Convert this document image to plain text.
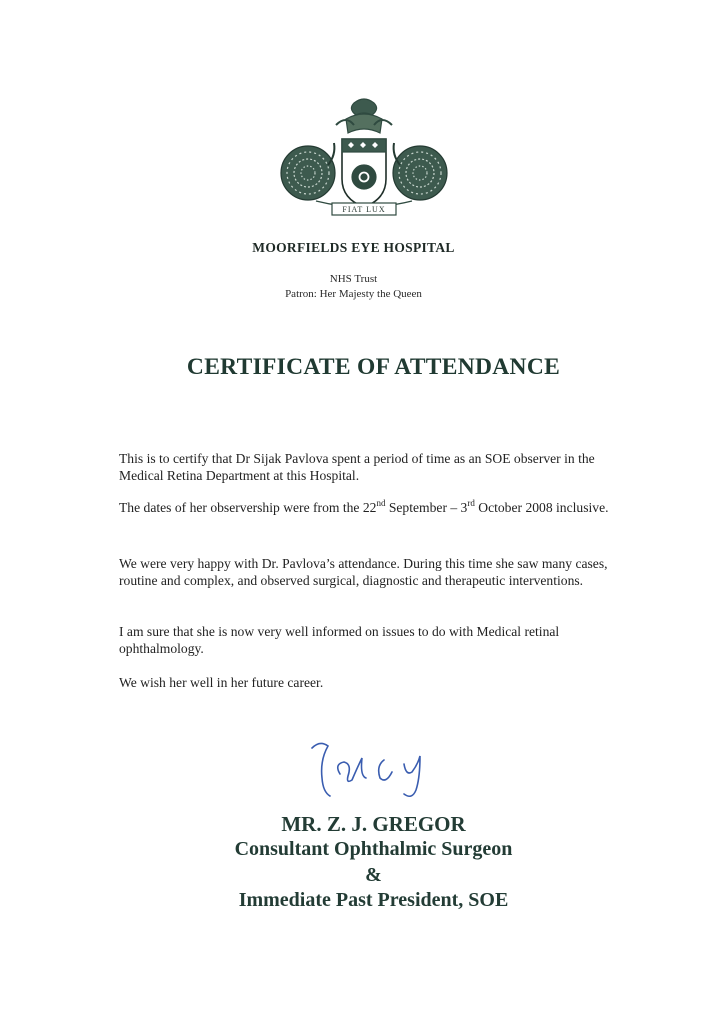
FIAT LUX
MOORFIELDS EYE HOSPITAL
NHS Trust
Patron: Her Majesty the Queen
CERTIFICATE OF ATTENDANCE
This is to certify that Dr Sijak Pavlova spent a period of time as an SOE observer in the Medical Retina Department at this Hospital.
The dates of her observership were from the 22nd September – 3rd October 2008 inclusive.
We were very happy with Dr. Pavlova’s attendance. During this time she saw many cases, routine and complex, and observed surgical, diagnostic and therapeutic interventions.
I am sure that she is now very well informed on issues to do with Medical retinal ophthalmology.
We wish her well in her future career.
MR. Z. J. GREGOR
Consultant Ophthalmic Surgeon
&
Immediate Past President, SOE
